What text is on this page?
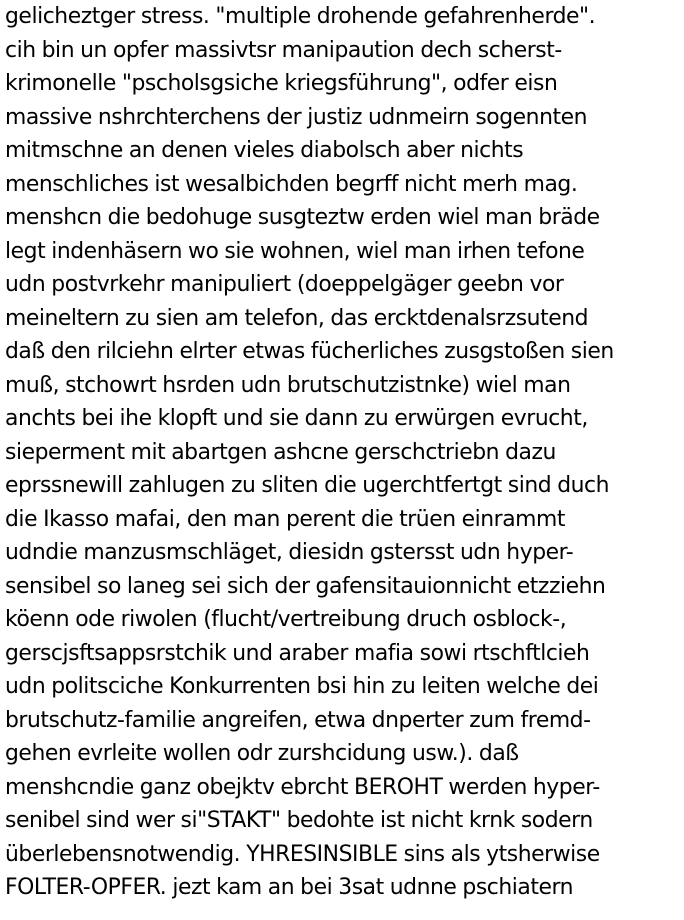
gelicheztger stress. "multiple drohende gefahrenherde".
cih bin un opfer massivtsr manipaution dech scherst-
krimonelle "pscholsgsiche kriegsführung", odfer eisn
massive nshrchterchens der justiz udnmeirn sogennten
mitmschne an denen vieles diabolsch aber nichts
menschliches ist wesalbichden begrff nicht merh mag.
menshcn die bedohuge susgteztw erden wiel man bräde
legt indenhäsern wo sie wohnen, wiel man irhen tefone
udn postvrkehr manipuliert (doeppelgäger geebn vor
meineltern zu sien am telefon, das ercktdenalsrzsutend
daß den rilciehn elrter etwas fücherliches zusgstoßen sien
muß, stchowrt hsrden udn brutschutzistnke) wiel man
anchts bei ihe klopft und sie dann zu erwürgen evrucht,
sieperment mit abartgen ashcne gerschctriebn dazu
eprssnewill zahlugen zu sliten die ugerchtfertgt sind duch
die Ikasso mafai, den man perent die trüen einrammt
udndie manzusmschläget, diesidn gstersst udn hyper-
sensibel so laneg sei sich der gafensitauionnicht etzziehn
köenn ode riwolen (flucht/vertreibung druch osblock-,
gerscjsftsappsrstchik und araber mafia sowi rtschftlcieh
udn politsciche Konkurrenten bsi hin zu leiten welche dei
brutschutz-familie angreifen, etwa dnperter zum fremd-
gehen evrleite wollen odr zurshcidung usw.). daß
menshcndie ganz obejktv ebrcht BEROHT werden hyper-
senibel sind wer si"STAKT" bedohte ist nicht krnk sodern
überlebensnotwendig. YHRESINSIBLE sins als ytsherwise
FOLTER-OPFER. jezt kam an bei 3sat udnne pschiatern
